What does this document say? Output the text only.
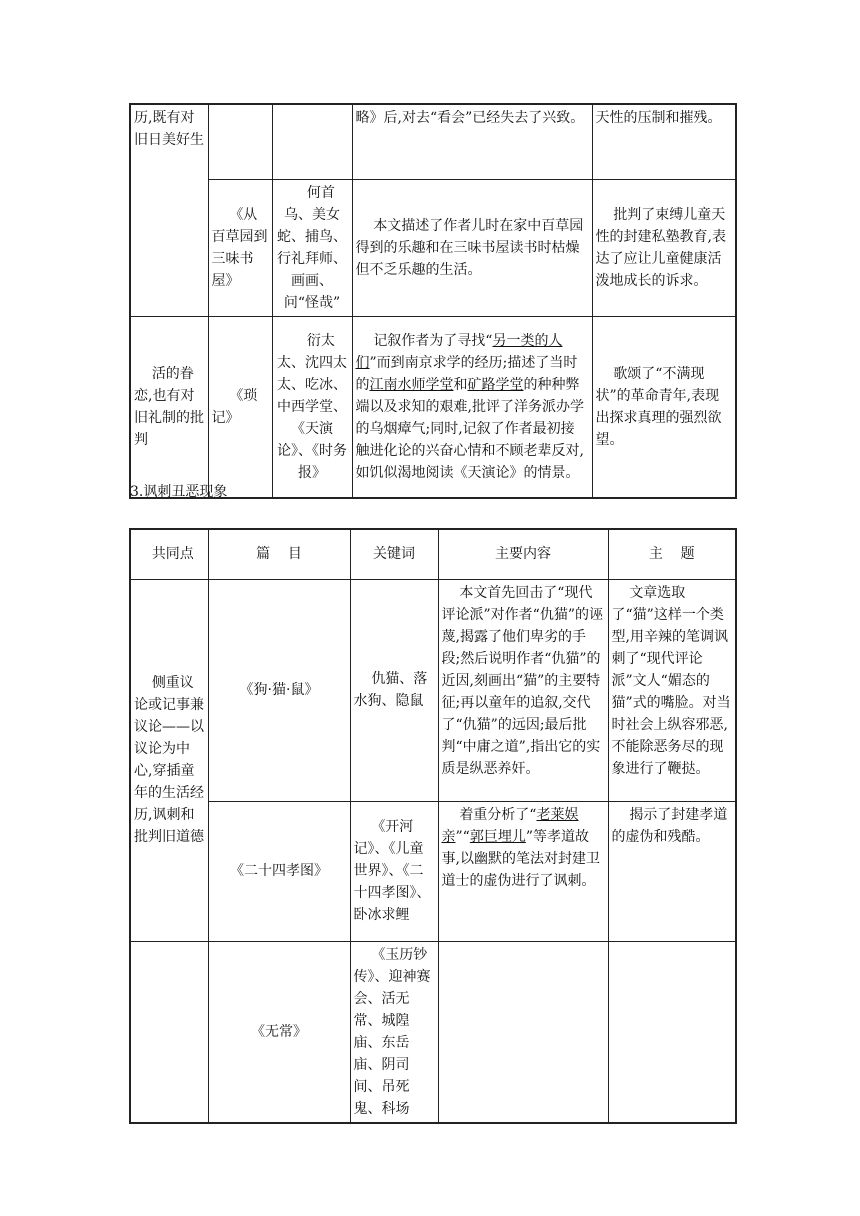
历,既有对旧日美好生			略》后,对去“看会”已经失去了兴致。	天性的压制和摧残。
	《从百草园到三味书屋》	何首乌、美女蛇、捕鸟、行礼拜师、画画、问“怪哉”	本文描述了作者儿时在家中百草园得到的乐趣和在三味书屋读书时枯燥但不乏乐趣的生活。	批判了束缚儿童天性的封建私塾教育,表达了应让儿童健康活泼地成长的诉求。
活的眷恋,也有对旧礼制的批判	《琐记》	衍太太、沈四太太、吃冰、中西学堂、《天演论》、《时务报》	记叙作者为了寻找“另一类的人们”而到南京求学的经历;描述了当时的江南水师学堂和矿路学堂的种种弊端以及求知的艰难,批评了洋务派办学的乌烟瘴气;同时,记叙了作者最初接触进化论的兴奋心情和不顾老辈反对,如饥似渴地阅读《天演论》的情景。	歌颂了“不满现状”的革命青年,表现出探求真理的强烈欲望。
3.讽刺丑恶现象
共同点	篇    目	关键词	主要内容	主    题
侧重议论或记事兼议论——以议论为中心,穿插童年的生活经历,讽刺和批判旧道德	《狗·猫·鼠》	仇猫、落水狗、隐鼠	本文首先回击了“现代评论派”对作者“仇猫”的诬蔑,揭露了他们卑劣的手段;然后说明作者“仇猫”的近因,刻画出“猫”的主要特征;再以童年的追叙,交代了“仇猫”的远因;最后批判“中庸之道”,指出它的实质是纵恶养奸。	文章选取了“猫”这样一个类型,用辛辣的笔调讽刺了“现代评论派”文人“媚态的猫”式的嘴脸。对当时社会上纵容邪恶,不能除恶务尽的现象进行了鞭挞。
	《二十四孝图》	《开河记》、《儿童世界》、《二十四孝图》、卧冰求鲤	着重分析了“老莱娱亲”“郭巨埋儿”等孝道故事,以幽默的笔法对封建卫道士的虚伪进行了讽刺。	揭示了封建孝道的虚伪和残酷。
	《无常》	《玉历钞传》、迎神赛会、活无常、城隍庙、东岳庙、阴司间、吊死鬼、科场		
